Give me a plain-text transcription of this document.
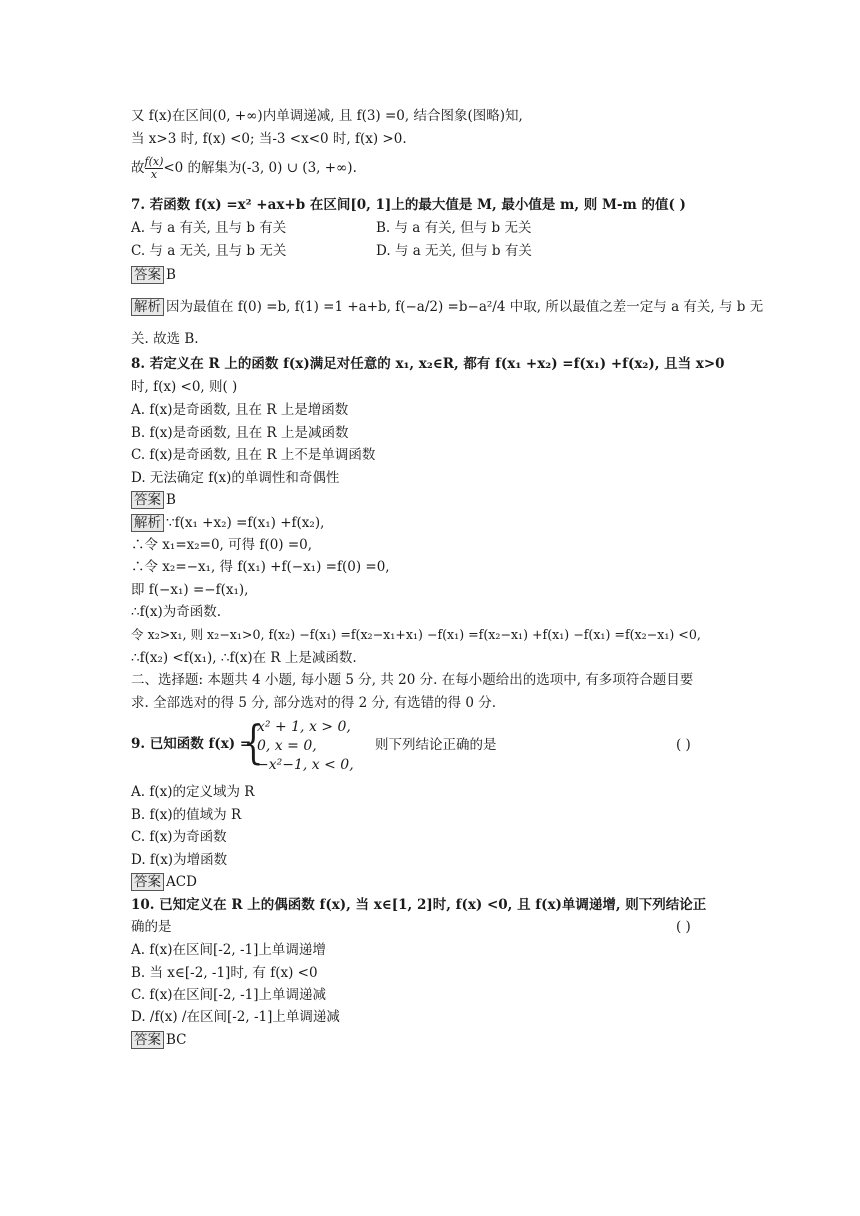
又 f(x)在区间(0, +∞)内单调递减, 且 f(3) =0, 结合图象(图略)知,
当 x>3 时, f(x) <0; 当-3 <x<0 时, f(x) >0.
故 $\frac{f(x)}{x} <0$ 的解集为(-3, 0) ∪ (3, +∞).
7. 若函数 f(x) =x² +ax+b 在区间[0, 1]上的最大值是 M, 最小值是 m, 则 M-m 的值( )
A. 与 a 有关, 且与 b 有关	B. 与 a 有关, 但与 b 无关
C. 与 a 无关, 且与 b 无关	D. 与 a 无关, 但与 b 有关
答案 B
解析 因为最值在 f(0) =b, f(1) =1 +a+b, f(−a/2) =b−a²/4 中取, 所以最值之差一定与 a 有关, 与 b 无
关. 故选 B.
8. 若定义在 R 上的函数 f(x)满足对任意的 x₁, x₂∈R, 都有 f(x₁ +x₂) =f(x₁) +f(x₂), 且当 x>0
时, f(x) <0, 则( )
A. f(x)是奇函数, 且在 R 上是增函数
B. f(x)是奇函数, 且在 R 上是减函数
C. f(x)是奇函数, 且在 R 上不是单调函数
D. 无法确定 f(x)的单调性和奇偶性
答案 B
解析 ∵f(x₁ +x₂) =f(x₁) +f(x₂),
∴令 x₁=x₂=0, 可得 f(0) =0,
∴令 x₂=−x₁, 得 f(x₁) +f(−x₁) =f(0) =0,
即 f(−x₁) =−f(x₁),
∴f(x)为奇函数.
令 x₂>x₁, 则 x₂−x₁>0, f(x₂) −f(x₁) =f(x₂−x₁+x₁) −f(x₁) =f(x₂−x₁) +f(x₁) −f(x₁) =f(x₂−x₁) <0,
∴f(x₂) <f(x₁), ∴f(x)在 R 上是减函数.
二、选择题: 本题共 4 小题, 每小题 5 分, 共 20 分. 在每小题给出的选项中, 有多项符合题目要
求. 全部选对的得 5 分, 部分选对的得 2 分, 有选错的得 0 分.
9. 已知函数 f(x) =
{
x² + 1, x > 0,
0, x = 0,
−x²−1, x < 0,
则下列结论正确的是	( )
A. f(x)的定义域为 R
B. f(x)的值域为 R
C. f(x)为奇函数
D. f(x)为增函数
答案 ACD
10. 已知定义在 R 上的偶函数 f(x), 当 x∈[1, 2]时, f(x) <0, 且 f(x)单调递增, 则下列结论正
确的是	( )
A. f(x)在区间[-2, -1]上单调递增
B. 当 x∈[-2, -1]时, 有 f(x) <0
C. f(x)在区间[-2, -1]上单调递减
D. /f(x) /在区间[-2, -1]上单调递减
答案 BC
